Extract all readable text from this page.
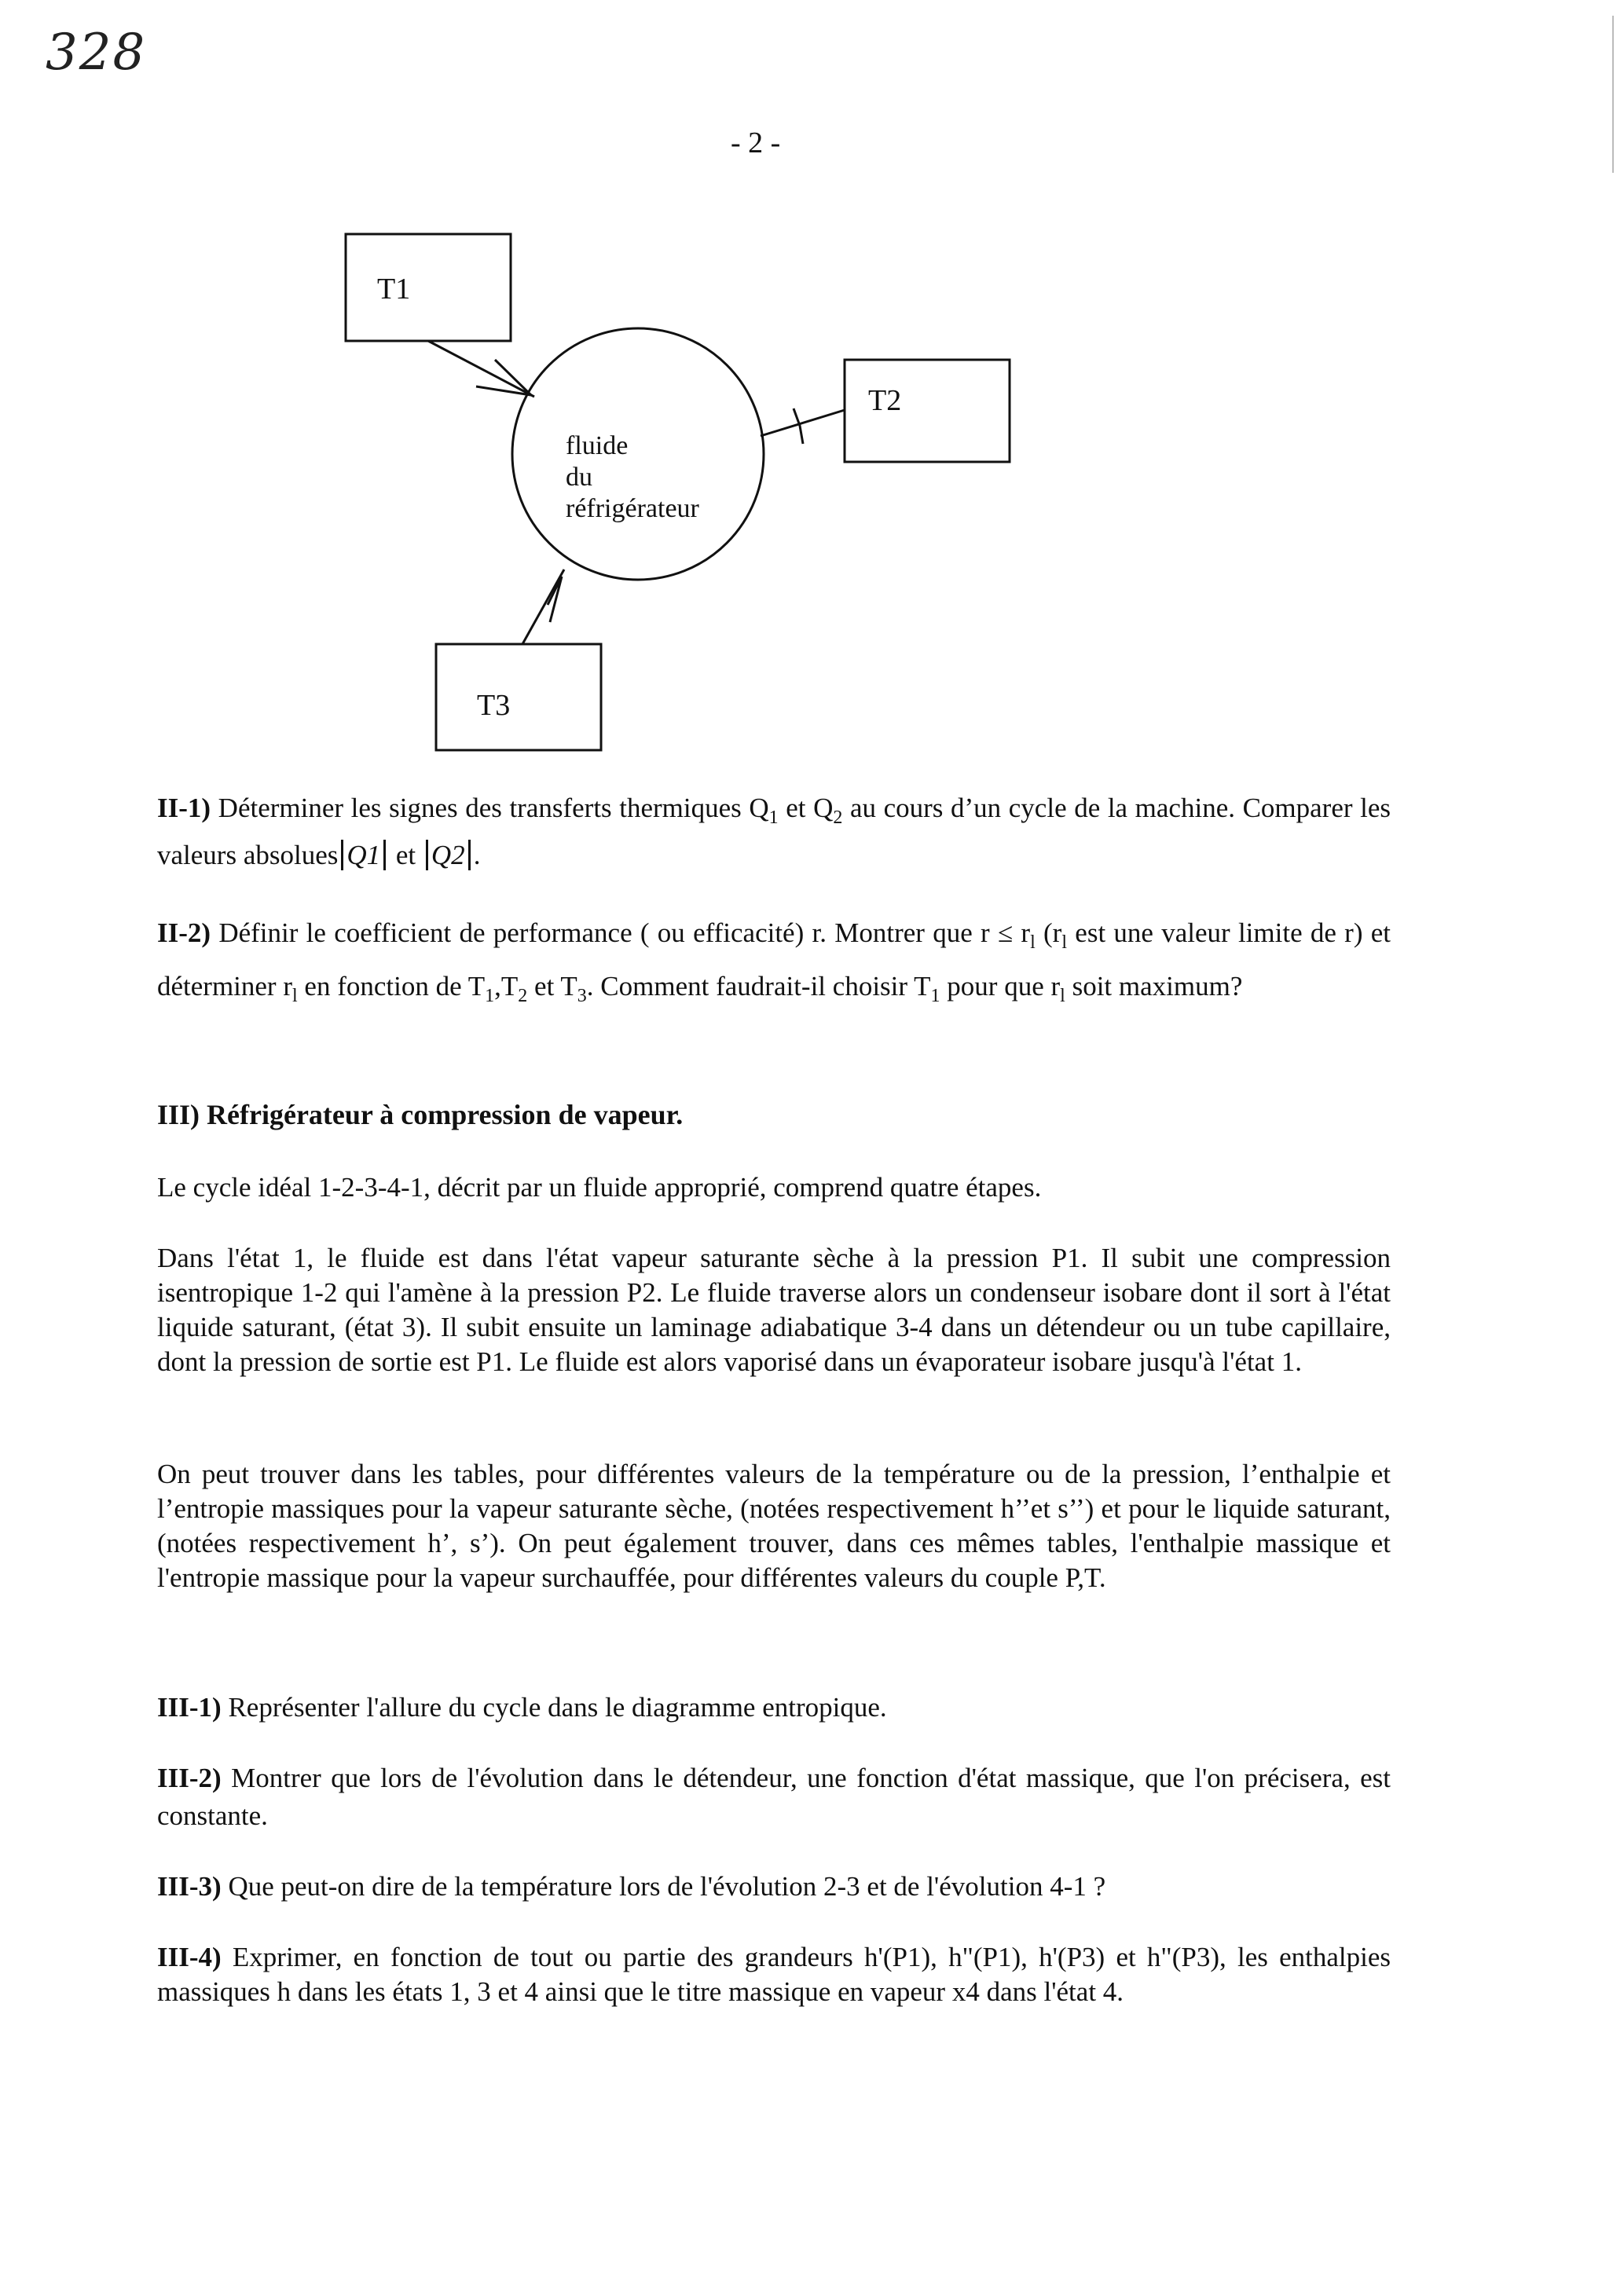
328
- 2 -
T1
T2
T3
fluide
du
réfrigérateur
II-1) Déterminer les signes des transferts thermiques $Q_1$ et $Q_2$ au cours d’un cycle de la machine. Comparer les valeurs absolues Q1 et Q2 .
II-2) Définir le coefficient de performance ( ou efficacité) r. Montrer que $r \le r_l$ ($r_l$ est une valeur limite de r) et déterminer $r_l$ en fonction de $T_1,T_2$ et $T_3$. Comment faudrait-il choisir $T_1$ pour que $r_l$ soit maximum?
III) Réfrigérateur à compression de vapeur.
Le cycle idéal 1-2-3-4-1, décrit par un fluide approprié, comprend quatre étapes.
Dans l'état 1, le fluide est dans l'état vapeur saturante sèche à la pression P1. Il subit une compression isentropique 1-2 qui l'amène à la pression P2. Le fluide traverse alors un condenseur isobare dont il sort à l'état liquide saturant, (état 3). Il subit ensuite un laminage adiabatique 3-4 dans un détendeur ou un tube capillaire, dont la pression de sortie est P1. Le fluide est alors vaporisé dans un évaporateur isobare jusqu'à l'état 1.
On peut trouver dans les tables, pour différentes valeurs de la température ou de la pression, l’enthalpie et l’entropie massiques pour la vapeur saturante sèche, (notées respectivement h’’et s’’) et pour le liquide saturant, (notées respectivement h’, s’). On peut également trouver, dans ces mêmes tables, l'enthalpie massique et l'entropie massique pour la vapeur surchauffée, pour différentes valeurs du couple P,T.
III-1) Représenter l'allure du cycle dans le diagramme entropique.
III-2) Montrer que lors de l'évolution dans le détendeur, une fonction d'état massique, que l'on précisera, est constante.
III-3) Que peut-on dire de la température lors de l'évolution 2-3 et de l'évolution 4-1 ?
III-4) Exprimer, en fonction de tout ou partie des grandeurs h'(P1), h"(P1), h'(P3) et h"(P3), les enthalpies massiques h dans les états 1, 3 et 4 ainsi que le titre massique en vapeur x4 dans l'état 4.
